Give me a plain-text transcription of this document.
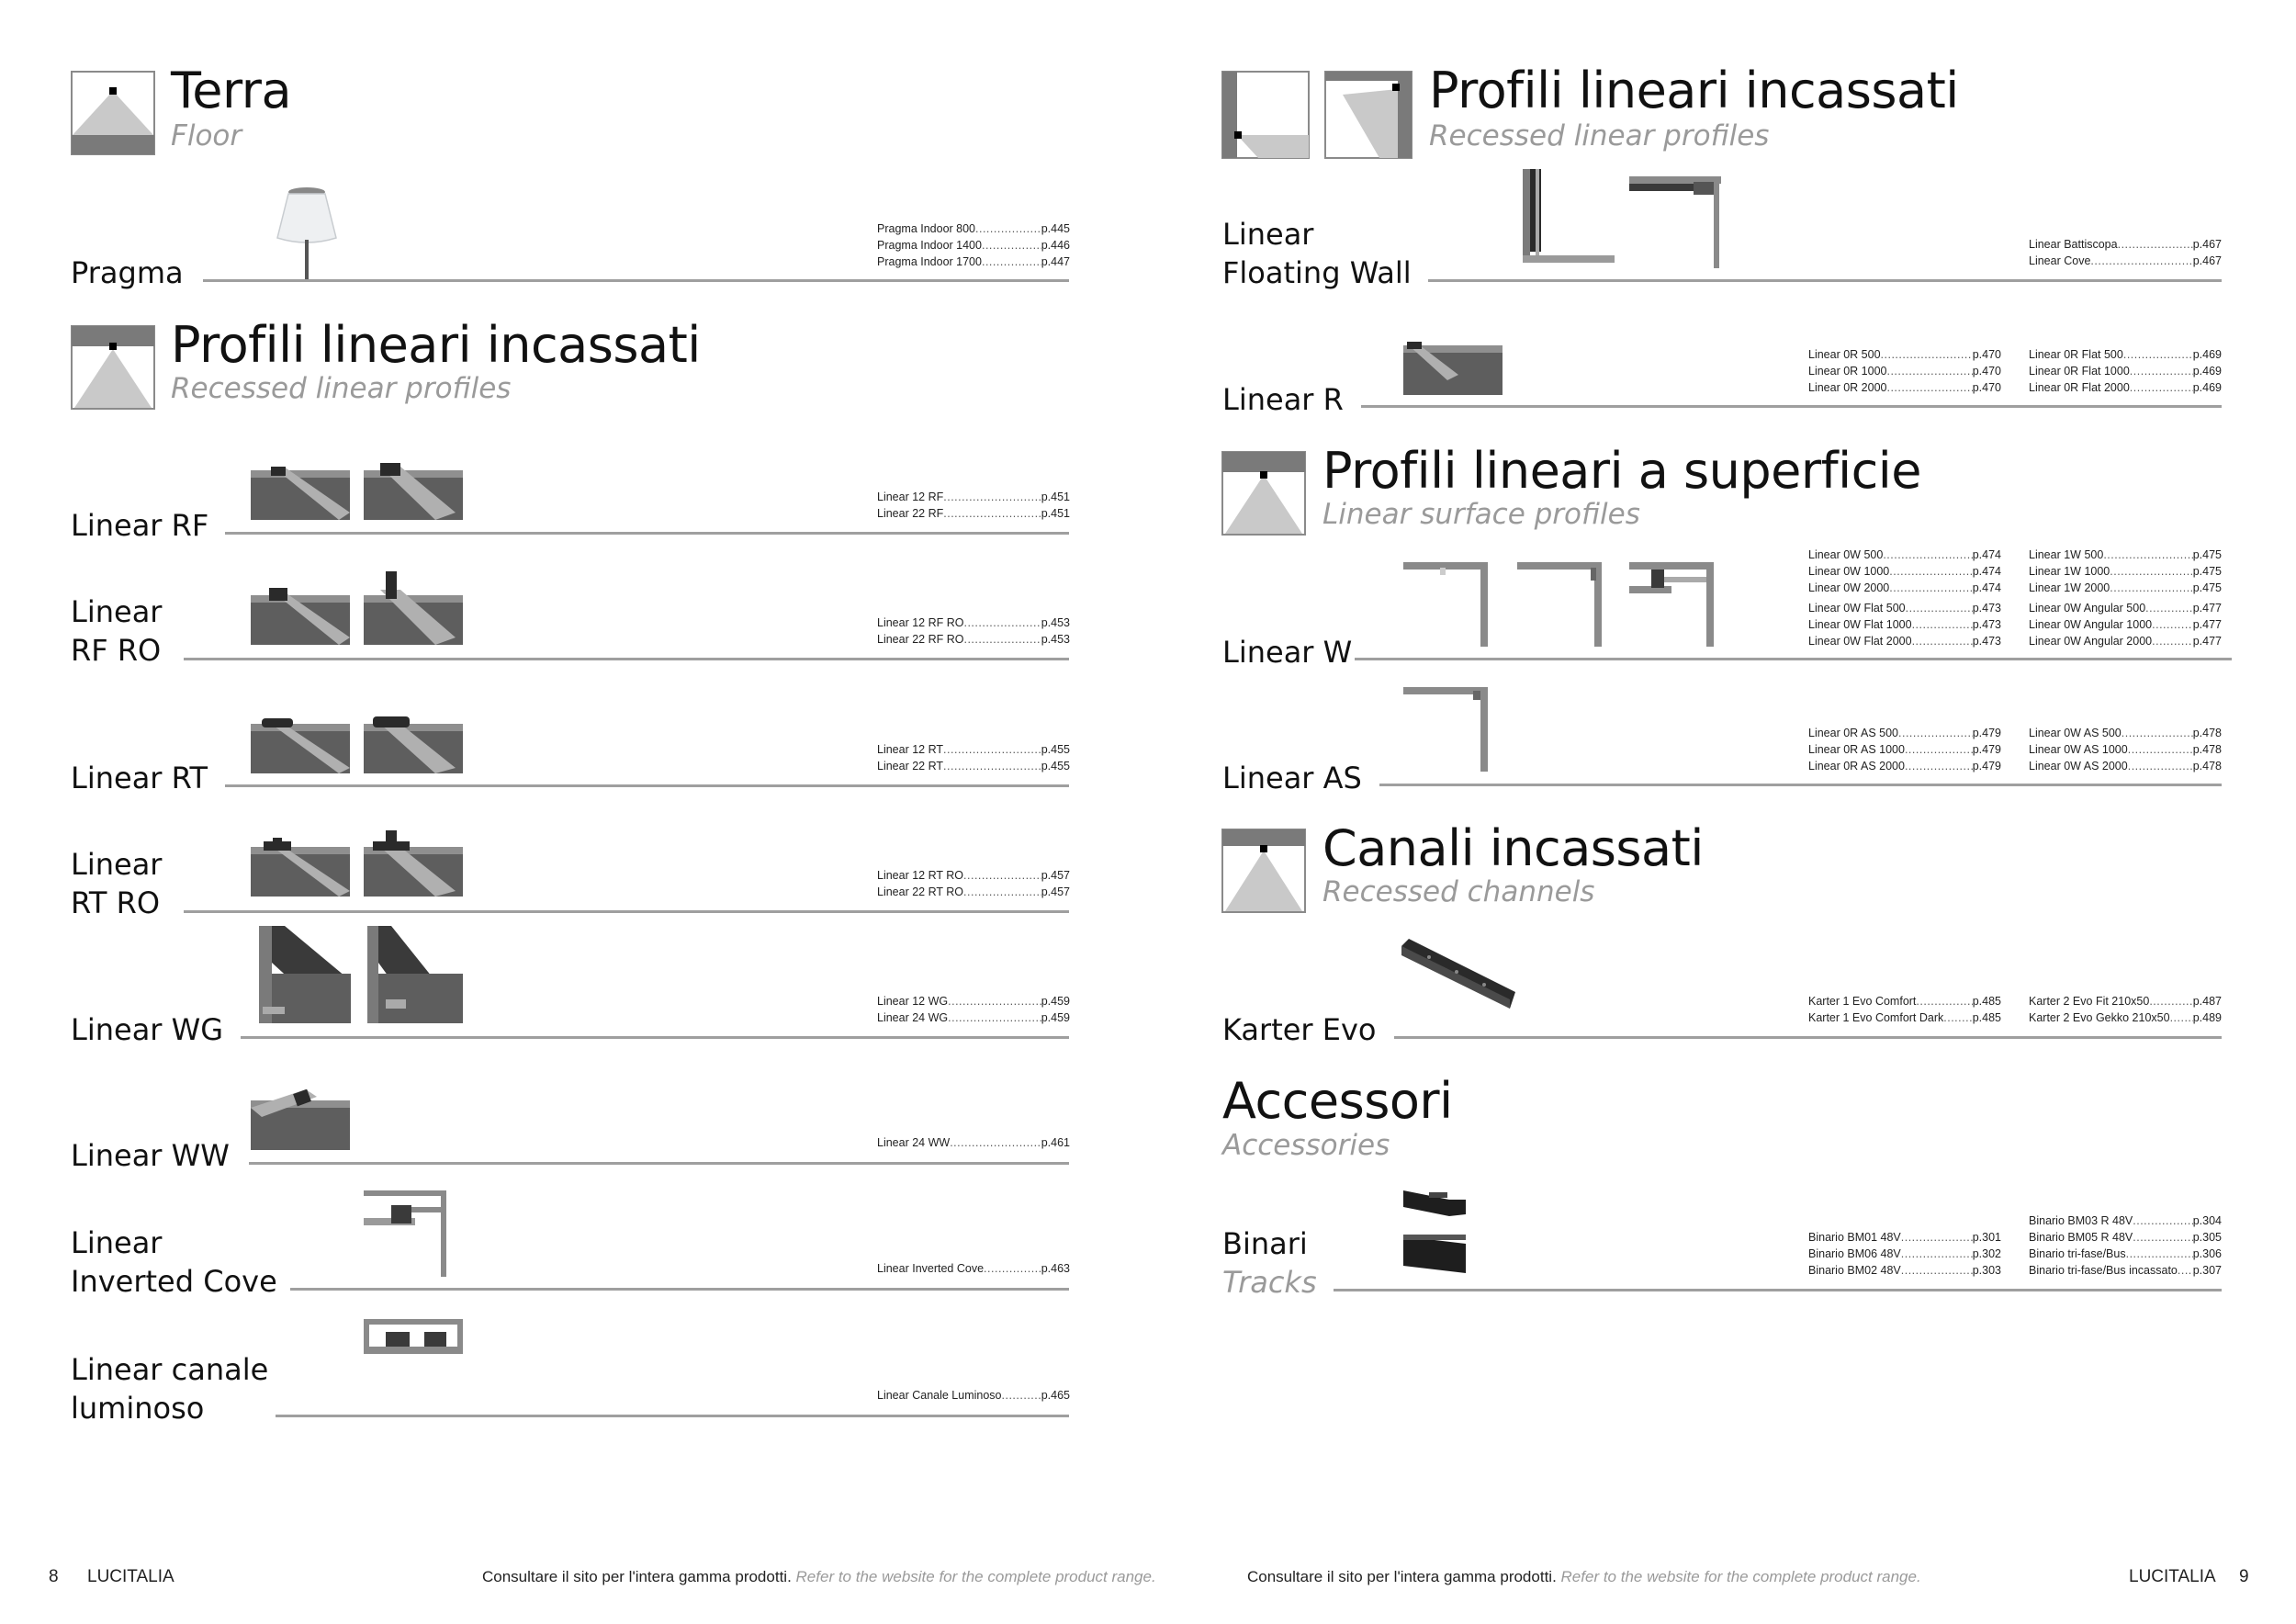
Terra
Floor
Pragma
Pragma Indoor 800 .....	p.445
Pragma Indoor 1400 .....	p.446
Pragma Indoor 1700 .....	p.447
Profili lineari incassati
Recessed linear profiles
Linear RF
Linear 12 RF .....	p.451
Linear 22 RF .....	p.451
Linear
RF RO
Linear 12 RF RO .....	p.453
Linear 22 RF RO .....	p.453
Linear RT
Linear 12 RT .....	p.455
Linear 22 RT .....	p.455
Linear
RT RO
Linear 12 RT RO .....	p.457
Linear 22 RT RO .....	p.457
Linear WG
Linear 12 WG .....	p.459
Linear 24 WG .....	p.459
Linear WW	Linear 24 WW .....	p.461
Linear
Inverted Cove	Linear Inverted Cove .....	p.463
Linear canale
luminoso	Linear Canale Luminoso .....	p.465
8 LUCITALIA	Consultare il sito per l'intera gamma prodotti. Refer to the website for the complete product range.
Profili lineari incassati
Recessed linear profiles
Linear
Floating Wall
Linear Battiscopa .....	p.467
Linear Cove .....	p.467
Linear R
Linear 0R 500 .....	p.470
Linear 0R 1000 .....	p.470
Linear 0R 2000 .....	p.470
Linear 0R Flat 500 .....	p.469
Linear 0R Flat 1000 .....	p.469
Linear 0R Flat 2000 .....	p.469
Profili lineari a superficie
Linear surface profiles
Linear W
Linear 0W 500 .....	p.474
Linear 0W 1000 .....	p.474
Linear 0W 2000 .....	p.474
Linear 0W Flat 500 .....	p.473
Linear 0W Flat 1000 .....	p.473
Linear 0W Flat 2000 .....	p.473
Linear 1W 500 .....	p.475
Linear 1W 1000 .....	p.475
Linear 1W 2000 .....	p.475
Linear 0W Angular 500 .....	p.477
Linear 0W Angular 1000 .....	p.477
Linear 0W Angular 2000 .....	p.477
Linear AS
Linear 0R AS 500 .....	p.479
Linear 0R AS 1000 .....	p.479
Linear 0R AS 2000 .....	p.479
Linear 0W AS 500 .....	p.478
Linear 0W AS 1000 .....	p.478
Linear 0W AS 2000 .....	p.478
Canali incassati
Recessed channels
Karter Evo
Karter 1 Evo Comfort .....	p.485
Karter 1 Evo Comfort Dark .....	p.485
Karter 2 Evo Fit 210x50 .....	p.487
Karter 2 Evo Gekko 210x50 ..... p.489
Accessori
Accessories
Binari
Tracks
Binario BM01 48V .....	p.301
Binario BM06 48V .....	p.302
Binario BM02 48V .....	p.303
Binario BM03 R 48V .....	p.304
Binario BM05 R 48V .....	p.305
Binario tri-fase/Bus .....	p.306
Binario tri-fase/Bus incassato ..... p.307
Consultare il sito per l'intera gamma prodotti. Refer to the website for the complete product range.	LUCITALIA 9
